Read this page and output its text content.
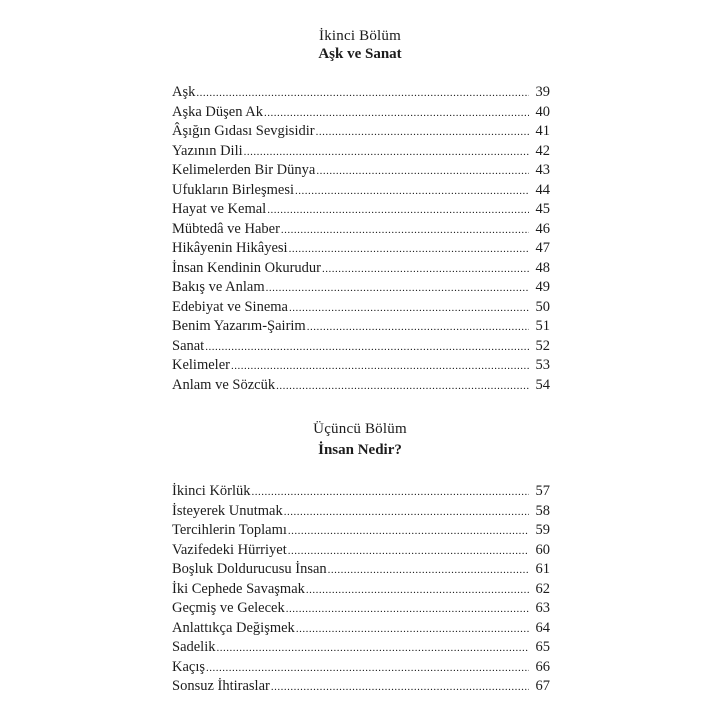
İkinci Bölüm
Aşk ve Sanat
Aşk .....	39
Aşka Düşen Ak .....	40
Âşığın Gıdası Sevgisidir .....	41
Yazının Dili .....	42
Kelimelerden Bir Dünya .....	43
Ufukların Birleşmesi .....	44
Hayat ve Kemal .....	45
Mübtedâ ve Haber .....	46
Hikâyenin Hikâyesi .....	47
İnsan Kendinin Okurudur .....	48
Bakış ve Anlam .....	49
Edebiyat ve Sinema .....	50
Benim Yazarım-Şairim .....	51
Sanat .....	52
Kelimeler .....	53
Anlam ve Sözcük .....	54
Üçüncü Bölüm
İnsan Nedir?
İkinci Körlük .....	57
İsteyerek Unutmak .....	58
Tercihlerin Toplamı .....	59
Vazifedeki Hürriyet .....	60
Boşluk Doldurucusu İnsan .....	61
İki Cephede Savaşmak .....	62
Geçmiş ve Gelecek .....	63
Anlattıkça Değişmek .....	64
Sadelik .....	65
Kaçış .....	66
Sonsuz İhtiraslar .....	67
